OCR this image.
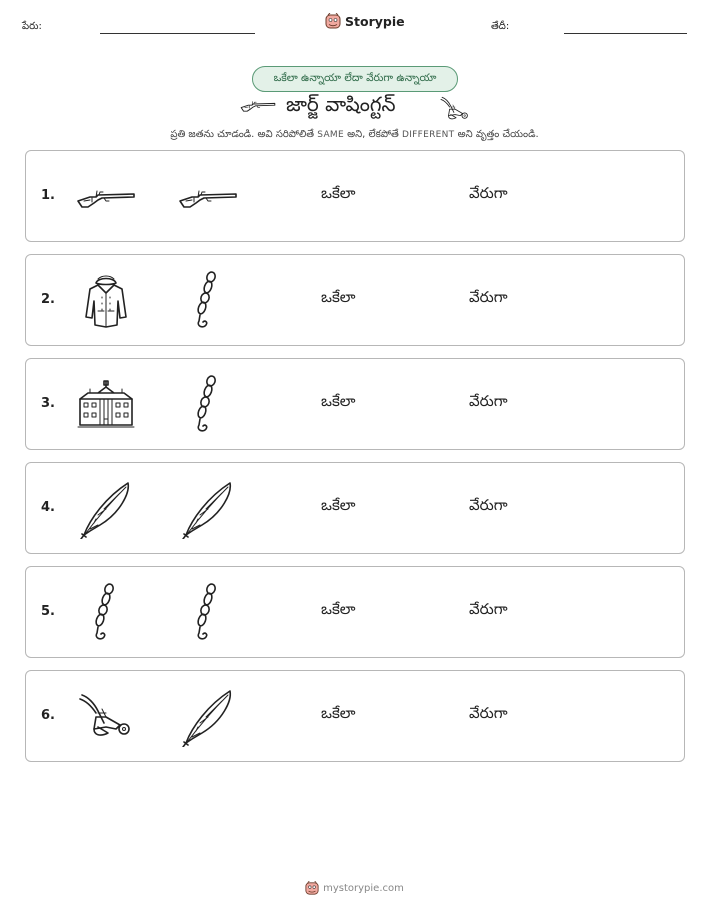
పేరు:	Storypie	తేదీ:
ఒకేలా ఉన్నాయా లేదా వేరుగా ఉన్నాయా
జార్జ్ వాషింగ్టన్
ప్రతి జతను చూడండి. అవి సరిపోలితే SAME అని, లేకపోతే DIFFERENT అని వృత్తం చేయండి.
1.	ఒకేలా	వేరుగా
2.	ఒకేలా	వేరుగా
3.	ఒకేలా	వేరుగా
4.	ఒకేలా	వేరుగా
5.	ఒకేలా	వేరుగా
6.	ఒకేలా	వేరుగా
mystorypie.com
